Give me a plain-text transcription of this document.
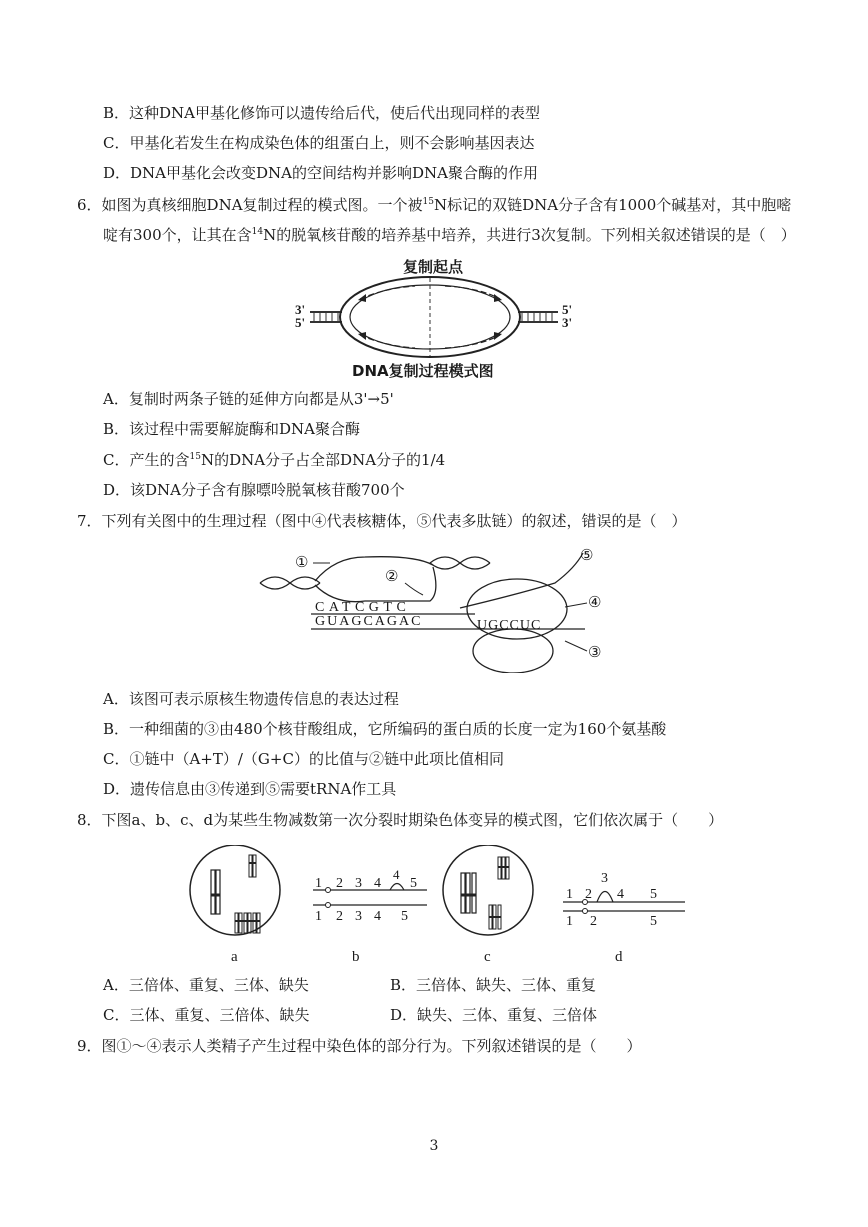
B．这种DNA甲基化修饰可以遗传给后代，使后代出现同样的表型
C．甲基化若发生在构成染色体的组蛋白上，则不会影响基因表达
D．DNA甲基化会改变DNA的空间结构并影响DNA聚合酶的作用
6．如图为真核细胞DNA复制过程的模式图。一个被$^{15}$N标记的双链DNA分子含有1000个碱基对，其中胞嘧
啶有300个，让其在含$^{14}$N的脱氧核苷酸的培养基中培养，共进行3次复制。下列相关叙述错误的是（　）
复制起点
3'
5'
5'
3'
DNA复制过程模式图
A．复制时两条子链的延伸方向都是从3'→5'
B．该过程中需要解旋酶和DNA聚合酶
C．产生的含$^{15}$N的DNA分子占全部DNA分子的1/4
D．该DNA分子含有腺嘌呤脱氧核苷酸700个
7．下列有关图中的生理过程（图中④代表核糖体，⑤代表多肽链）的叙述，错误的是（　）
①
②
CATCGTC
GUAGCAGAC	UGCCUC
⑤
④
③
A．该图可表示原核生物遗传信息的表达过程
B．一种细菌的③由480个核苷酸组成，它所编码的蛋白质的长度一定为160个氨基酸
C．①链中（A+T）/（G+C）的比值与②链中此项比值相同
D．遗传信息由③传递到⑤需要tRNA作工具
8．下图a、b、c、d为某些生物减数第一次分裂时期染色体变异的模式图，它们依次属于（　　）
a
1 2 3 4
4
5
1 2 3 4 5
b	c
1 2
3
4 5
1 2	5
d
A．三倍体、重复、三体、缺失	B．三倍体、缺失、三体、重复
C．三体、重复、三倍体、缺失	D．缺失、三体、重复、三倍体
9．图①～④表示人类精子产生过程中染色体的部分行为。下列叙述错误的是（　　）
3
